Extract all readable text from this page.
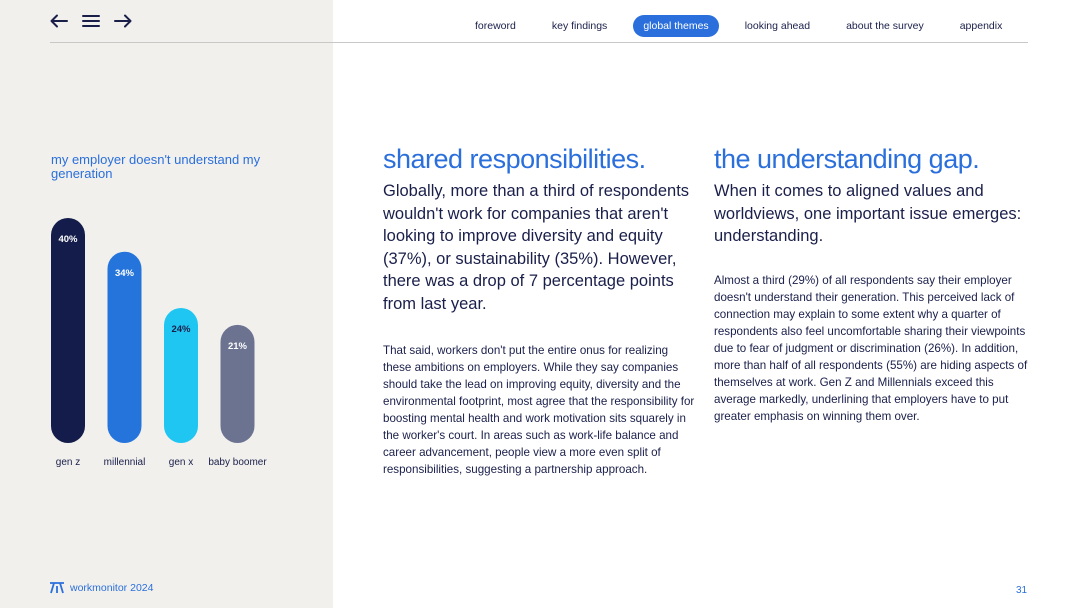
foreword	key findings	global themes	looking ahead	about the survey	appendix
my employer doesn't understand my generation
40%
gen z
34%
millennial
24%
gen x
21%
baby boomer
shared responsibilities.

Globally, more than a third of respondents wouldn't work for companies that aren't looking to improve diversity and equity (37%), or sustainability (35%). However, there was a drop of 7 percentage points from last year.

That said, workers don't put the entire onus for realizing these ambitions on employers. While they say companies should take the lead on improving equity, diversity and the environmental footprint, most agree that the responsibility for boosting mental health and work motivation sits squarely in the worker's court. In areas such as work-life balance and career advancement, people view a more even split of responsibilities, suggesting a partnership approach.

the understanding gap.

When it comes to aligned values and worldviews, one important issue emerges: understanding.

Almost a third (29%) of all respondents say their employer doesn't understand their generation. This perceived lack of connection may explain to some extent why a quarter of respondents also feel uncomfortable sharing their viewpoints due to fear of judgment or discrimination (26%). In addition, more than half of all respondents (55%) are hiding aspects of themselves at work. Gen Z and Millennials exceed this average markedly, underlining that employers have to put greater emphasis on winning them over.

workmonitor 2024	31
